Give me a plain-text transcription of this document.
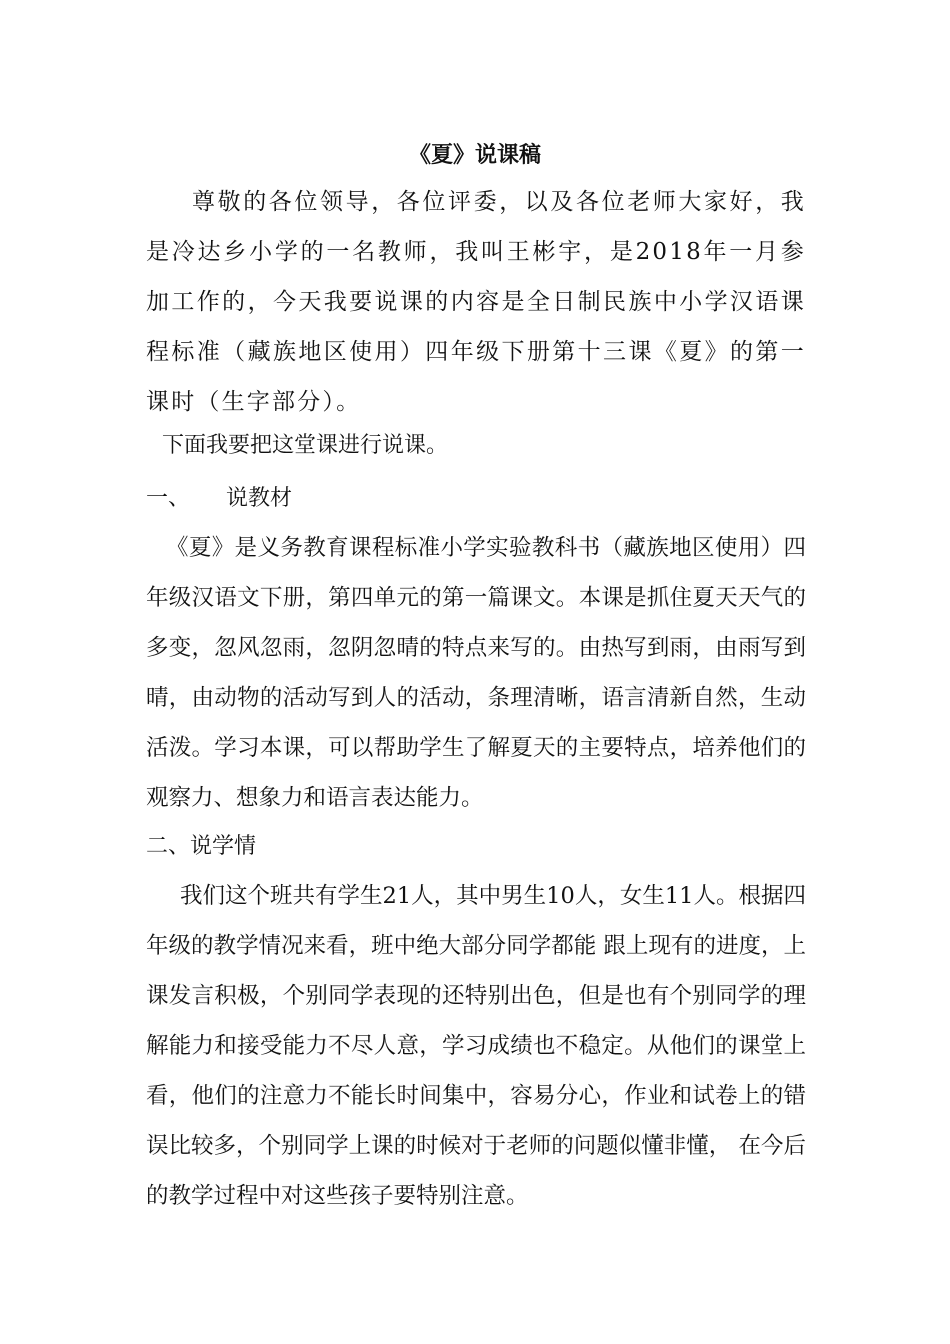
《夏》说课稿

尊敬的各位领导，各位评委，以及各位老师大家好，我是冷达乡小学的一名教师，我叫王彬宇，是2018年一月参加工作的，今天我要说课的内容是全日制民族中小学汉语课程标准（藏族地区使用）四年级下册第十三课《夏》的第一课时（生字部分）。

下面我要把这堂课进行说课。

一、 说教材

《夏》是义务教育课程标准小学实验教科书（藏族地区使用）四年级汉语文下册，第四单元的第一篇课文。本课是抓住夏天天气的多变，忽风忽雨，忽阴忽晴的特点来写的。由热写到雨，由雨写到晴，由动物的活动写到人的活动，条理清晰，语言清新自然，生动活泼。学习本课，可以帮助学生了解夏天的主要特点，培养他们的观察力、想象力和语言表达能力。

二、说学情

我们这个班共有学生21人，其中男生10人，女生11人。根据四年级的教学情况来看，班中绝大部分同学都能 跟上现有的进度，上课发言积极，个别同学表现的还特别出色，但是也有个别同学的理解能力和接受能力不尽人意，学习成绩也不稳定。从他们的课堂上看，他们的注意力不能长时间集中，容易分心，作业和试卷上的错误比较多，个别同学上课的时候对于老师的问题似懂非懂， 在今后的教学过程中对这些孩子要特别注意。
